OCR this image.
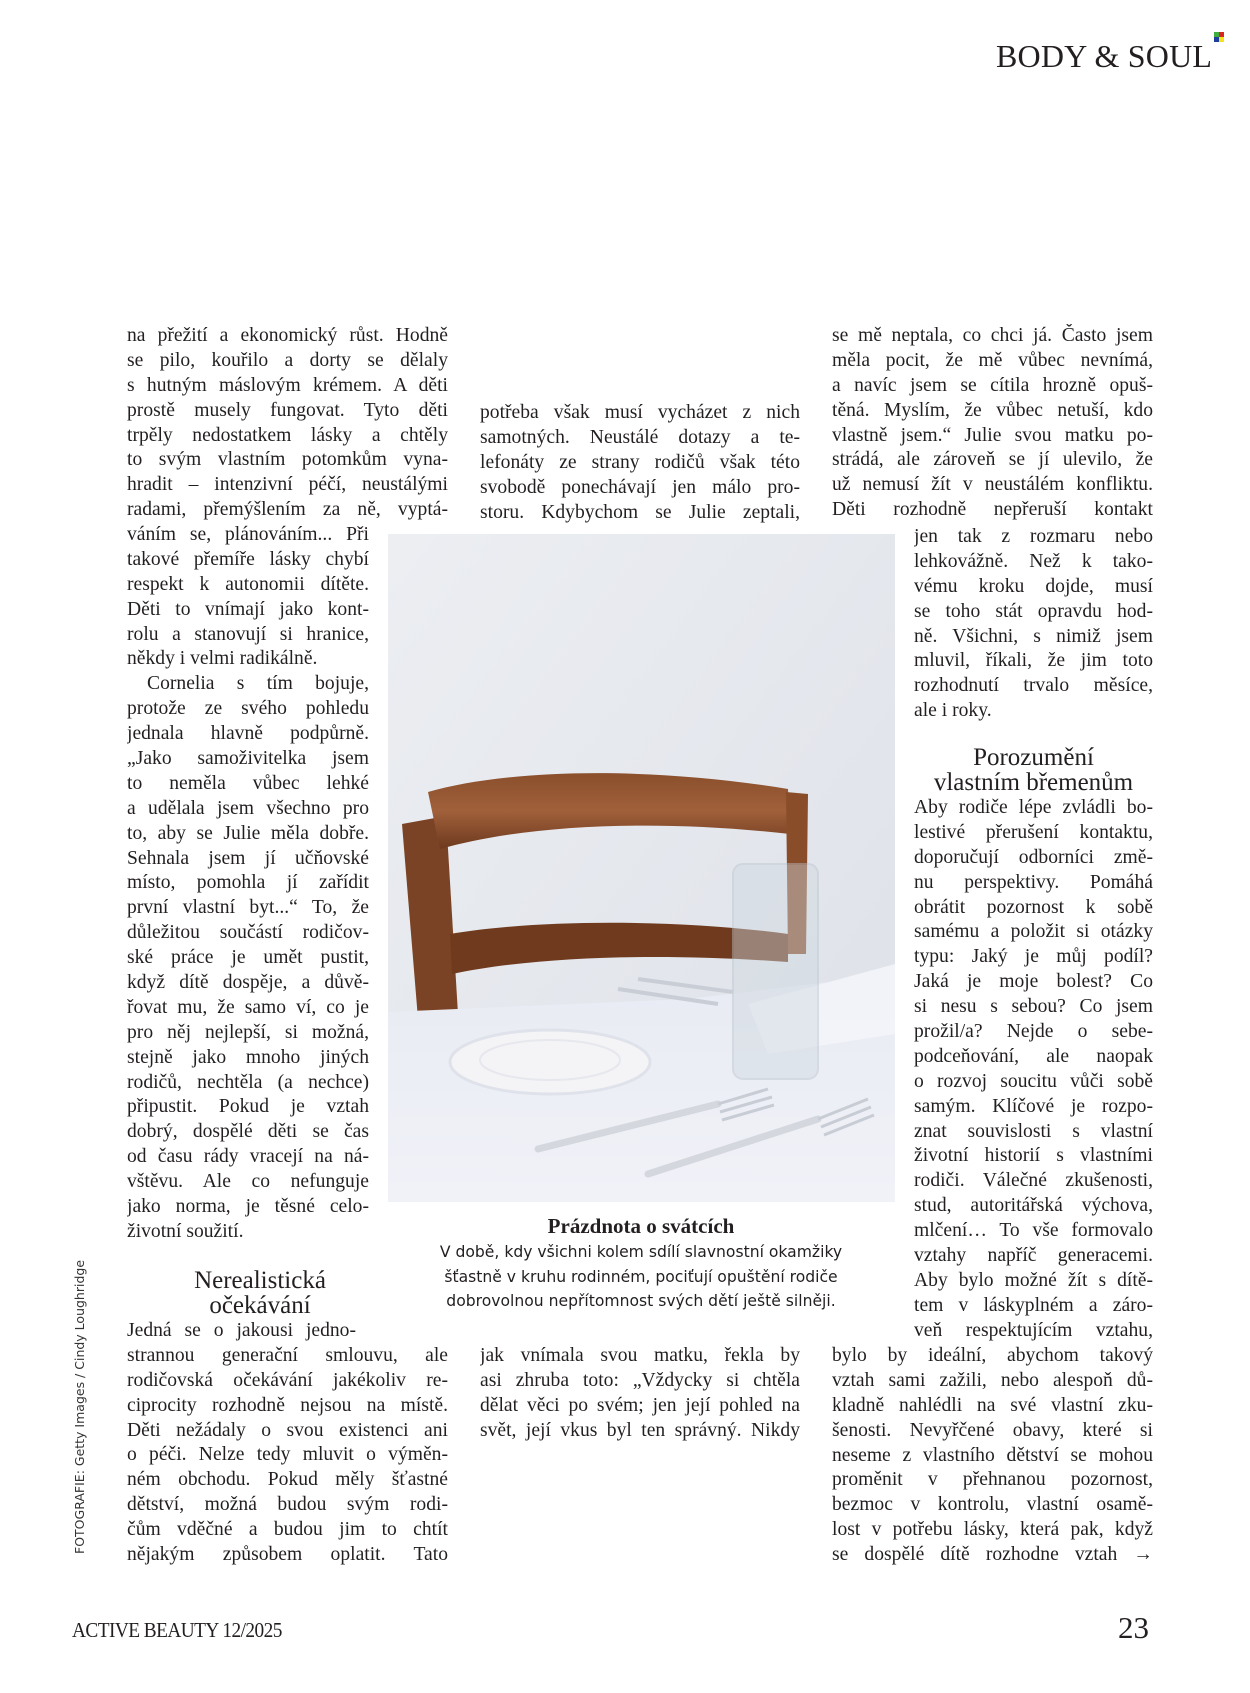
BODY & SOUL
FOTOGRAFIE: Getty Images / Cindy Loughridge
na přežití a ekonomický růst. Hodně
se pilo, kouřilo a dorty se dělaly
s hutným máslovým krémem. A děti
prostě musely fungovat. Tyto děti
trpěly nedostatkem lásky a chtěly
to svým vlastním potomkům vyna-
hradit – intenzivní péčí, neustálými
radami, přemýšlením za ně, vyptá-
váním se, plánováním... Při
takové přemíře lásky chybí
respekt k autonomii dítěte.
Děti to vnímají jako kont-
rolu a stanovují si hranice,
někdy i velmi radikálně.
Cornelia s tím bojuje,
protože ze svého pohledu
jednala hlavně podpůrně.
„Jako samoživitelka jsem
to neměla vůbec lehké
a udělala jsem všechno pro
to, aby se Julie měla dobře.
Sehnala jsem jí učňovské
místo, pomohla jí zařídit
první vlastní byt...“ To, že
důležitou součástí rodičov-
ské práce je umět pustit,
když dítě dospěje, a důvě-
řovat mu, že samo ví, co je
pro něj nejlepší, si možná,
stejně jako mnoho jiných
rodičů, nechtěla (a nechce)
připustit. Pokud je vztah
dobrý, dospělé děti se čas
od času rády vracejí na ná-
vštěvu. Ale co nefunguje
jako norma, je těsné celo-
životní soužití.
Jedná se o jakousi jedno-
strannou generační smlouvu, ale
rodičovská očekávání jakékoliv re-
ciprocity rozhodně nejsou na místě.
Děti nežádaly o svou existenci ani
o péči. Nelze tedy mluvit o výměn-
ném obchodu. Pokud měly šťastné
dětství, možná budou svým rodi-
čům vděčné a budou jim to chtít
nějakým způsobem oplatit. Tato
Nerealistická
očekávání
potřeba však musí vycházet z nich
samotných. Neustálé dotazy a te-
lefonáty ze strany rodičů však této
svobodě ponechávají jen málo pro-
storu. Kdybychom se Julie zeptali,
jak vnímala svou matku, řekla by
asi zhruba toto: „Vždycky si chtěla
dělat věci po svém; jen její pohled na
svět, její vkus byl ten správný. Nikdy
se mě neptala, co chci já. Často jsem
měla pocit, že mě vůbec nevnímá,
a navíc jsem se cítila hrozně opuš-
těná. Myslím, že vůbec netuší, kdo
vlastně jsem.“ Julie svou matku po-
strádá, ale zároveň se jí ulevilo, že
už nemusí žít v neustálém konfliktu.
Děti rozhodně nepřeruší kontakt
jen tak z rozmaru nebo
lehkovážně. Než k tako-
vému kroku dojde, musí
se toho stát opravdu hod-
ně. Všichni, s nimiž jsem
mluvil, říkali, že jim toto
rozhodnutí trvalo měsíce,
ale i roky.
Porozumění
vlastním břemenům
Aby rodiče lépe zvládli bo-
lestivé přerušení kontaktu,
doporučují odborníci změ-
nu perspektivy. Pomáhá
obrátit pozornost k sobě
samému a položit si otázky
typu: Jaký je můj podíl?
Jaká je moje bolest? Co
si nesu s sebou? Co jsem
prožil/a? Nejde o sebe-
podceňování, ale naopak
o rozvoj soucitu vůči sobě
samým. Klíčové je rozpo-
znat souvislosti s vlastní
životní historií s vlastními
rodiči. Válečné zkušenosti,
stud, autoritářská výchova,
mlčení… To vše formovalo
vztahy napříč generacemi.
Aby bylo možné žít s dítě-
tem v láskyplném a záro-
veň respektujícím vztahu,
bylo by ideální, abychom takový
vztah sami zažili, nebo alespoň dů-
kladně nahlédli na své vlastní zku-
šenosti. Nevyřčené obavy, které si
neseme z vlastního dětství se mohou
proměnit v přehnanou pozornost,
bezmoc v kontrolu, vlastní osamě-
lost v potřebu lásky, která pak, když
se dospělé dítě rozhodne vztah →
Prázdnota o svátcích
V době, kdy všichni kolem sdílí slavnostní okamžiky
šťastně v kruhu rodinném, pociťují opuštění rodiče
dobrovolnou nepřítomnost svých dětí ještě silněji.
ACTIVE BEAUTY 12/2025	23
